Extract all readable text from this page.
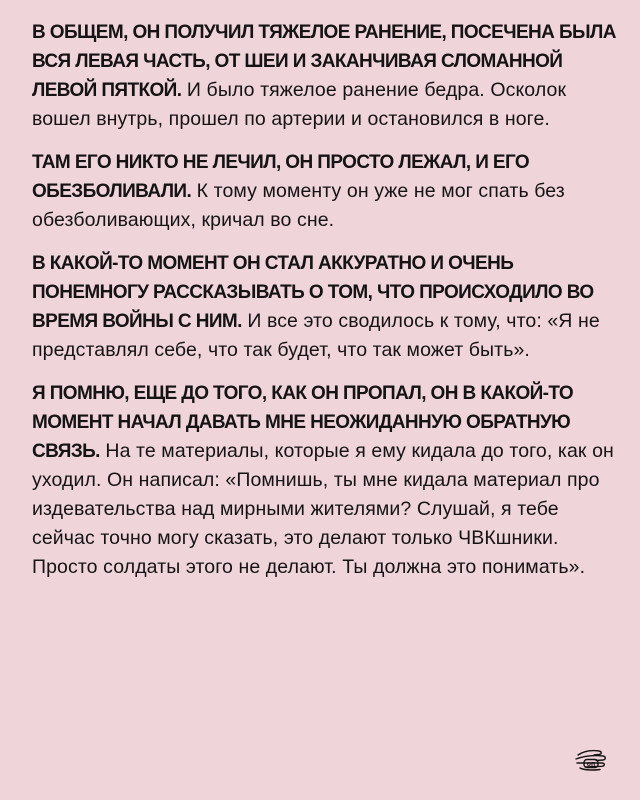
В ОБЩЕМ, ОН ПОЛУЧИЛ ТЯЖЕЛОЕ РАНЕНИЕ, ПОСЕЧЕНА БЫЛА ВСЯ ЛЕВАЯ ЧАСТЬ, ОТ ШЕИ И ЗАКАНЧИВАЯ СЛОМАННОЙ ЛЕВОЙ ПЯТКОЙ. И было тяжелое ранение бедра. Осколок вошел внутрь, прошел по артерии и остановился в ноге.

ТАМ ЕГО НИКТО НЕ ЛЕЧИЛ, ОН ПРОСТО ЛЕЖАЛ, И ЕГО ОБЕЗБОЛИВАЛИ. К тому моменту он уже не мог спать без обезболивающих, кричал во сне.

В КАКОЙ-ТО МОМЕНТ ОН СТАЛ АККУРАТНО И ОЧЕНЬ ПОНЕМНОГУ РАССКАЗЫВАТЬ О ТОМ, ЧТО ПРОИСХОДИЛО ВО ВРЕМЯ ВОЙНЫ С НИМ. И все это сводилось к тому, что: «Я не представлял себе, что так будет, что так может быть».

Я ПОМНЮ, ЕЩЕ ДО ТОГО, КАК ОН ПРОПАЛ, ОН В КАКОЙ-ТО МОМЕНТ НАЧАЛ ДАВАТЬ МНЕ НЕОЖИДАННУЮ ОБРАТНУЮ СВЯЗЬ. На те материалы, которые я ему кидала до того, как он уходил. Он написал: «Помнишь, ты мне кидала материал про издевательства над мирными жителями? Слушай, я тебе сейчас точно могу сказать, это делают только ЧВКшники. Просто солдаты этого не делают. Ты должна это понимать».

оп
